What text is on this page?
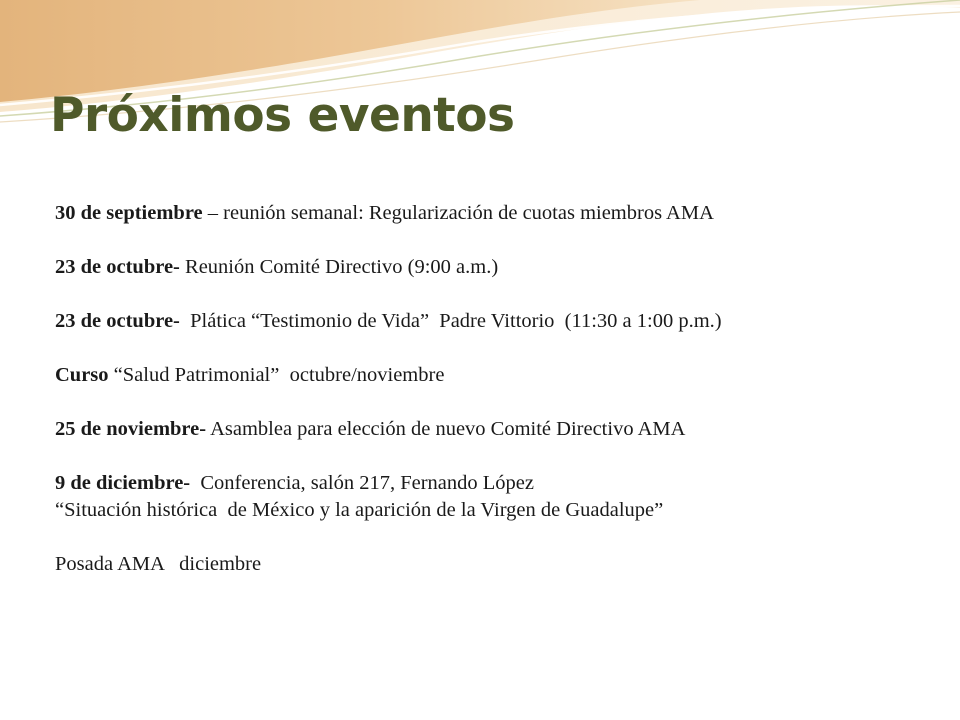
Próximos eventos

30 de septiembre – reunión semanal: Regularización de cuotas miembros AMA

23 de octubre- Reunión Comité Directivo (9:00 a.m.)

23 de octubre-  Plática “Testimonio de Vida”  Padre Vittorio  (11:30 a 1:00 p.m.)

Curso “Salud Patrimonial”  octubre/noviembre

25 de noviembre- Asamblea para elección de nuevo Comité Directivo AMA

9 de diciembre-  Conferencia, salón 217, Fernando López
“Situación histórica  de México y la aparición de la Virgen de Guadalupe”

Posada AMA   diciembre
